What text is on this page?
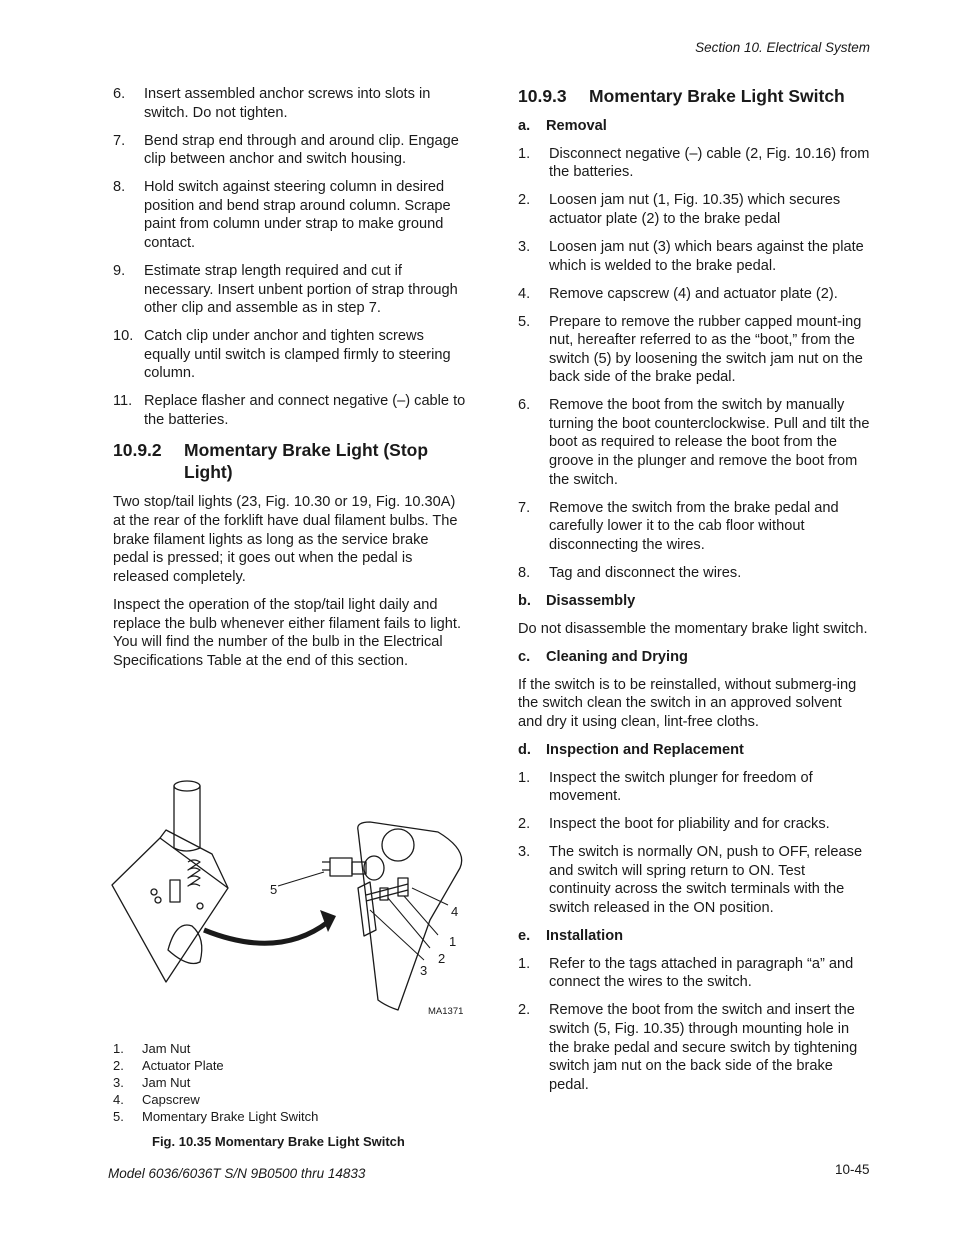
Section 10. Electrical System
6. Insert assembled anchor screws into slots in switch. Do not tighten.
7. Bend strap end through and around clip. Engage clip between anchor and switch housing.
8. Hold switch against steering column in desired position and bend strap around column. Scrape paint from column under strap to make ground contact.
9. Estimate strap length required and cut if necessary. Insert unbent portion of strap through other clip and assemble as in step 7.
10. Catch clip under anchor and tighten screws equally until switch is clamped firmly to steering column.
11. Replace flasher and connect negative (–) cable to the batteries.
10.9.2 Momentary Brake Light (Stop Light)

Two stop/tail lights (23, Fig. 10.30 or 19, Fig. 10.30A) at the rear of the forklift have dual filament bulbs. The brake filament lights as long as the service brake pedal is pressed; it goes out when the pedal is released completely.

Inspect the operation of the stop/tail light daily and replace the bulb whenever either filament fails to light. You will find the number of the bulb in the Electrical Specifications Table at the end of this section.

5
4
1
2
3
MA1371
1. Jam Nut
2. Actuator Plate
3. Jam Nut
4. Capscrew
5. Momentary Brake Light Switch
Fig. 10.35 Momentary Brake Light Switch
10.9.3 Momentary Brake Light Switch
a. Removal
1. Disconnect negative (–) cable (2, Fig. 10.16) from the batteries.
2. Loosen jam nut (1, Fig. 10.35) which secures actuator plate (2) to the brake pedal
3. Loosen jam nut (3) which bears against the plate which is welded to the brake pedal.
4. Remove capscrew (4) and actuator plate (2).
5. Prepare to remove the rubber capped mount-ing nut, hereafter referred to as the “boot,” from the switch (5) by loosening the switch jam nut on the back side of the brake pedal.
6. Remove the boot from the switch by manually turning the boot counterclockwise. Pull and tilt the boot as required to release the boot from the groove in the plunger and remove the boot from the switch.
7. Remove the switch from the brake pedal and carefully lower it to the cab floor without disconnecting the wires.
8. Tag and disconnect the wires.
b. Disassembly

Do not disassemble the momentary brake light switch.

c. Cleaning and Drying

If the switch is to be reinstalled, without submerg-ing the switch clean the switch in an approved solvent and dry it using clean, lint-free cloths.

d. Inspection and Replacement
1. Inspect the switch plunger for freedom of movement.
2. Inspect the boot for pliability and for cracks.
3. The switch is normally ON, push to OFF, release and switch will spring return to ON. Test continuity across the switch terminals with the switch released in the ON position.
e. Installation
1. Refer to the tags attached in paragraph “a” and connect the wires to the switch.
2. Remove the boot from the switch and insert the switch (5, Fig. 10.35) through mounting hole in the brake pedal and secure switch by tightening switch jam nut on the back side of the brake pedal.
Model 6036/6036T S/N 9B0500 thru 14833	10-45
